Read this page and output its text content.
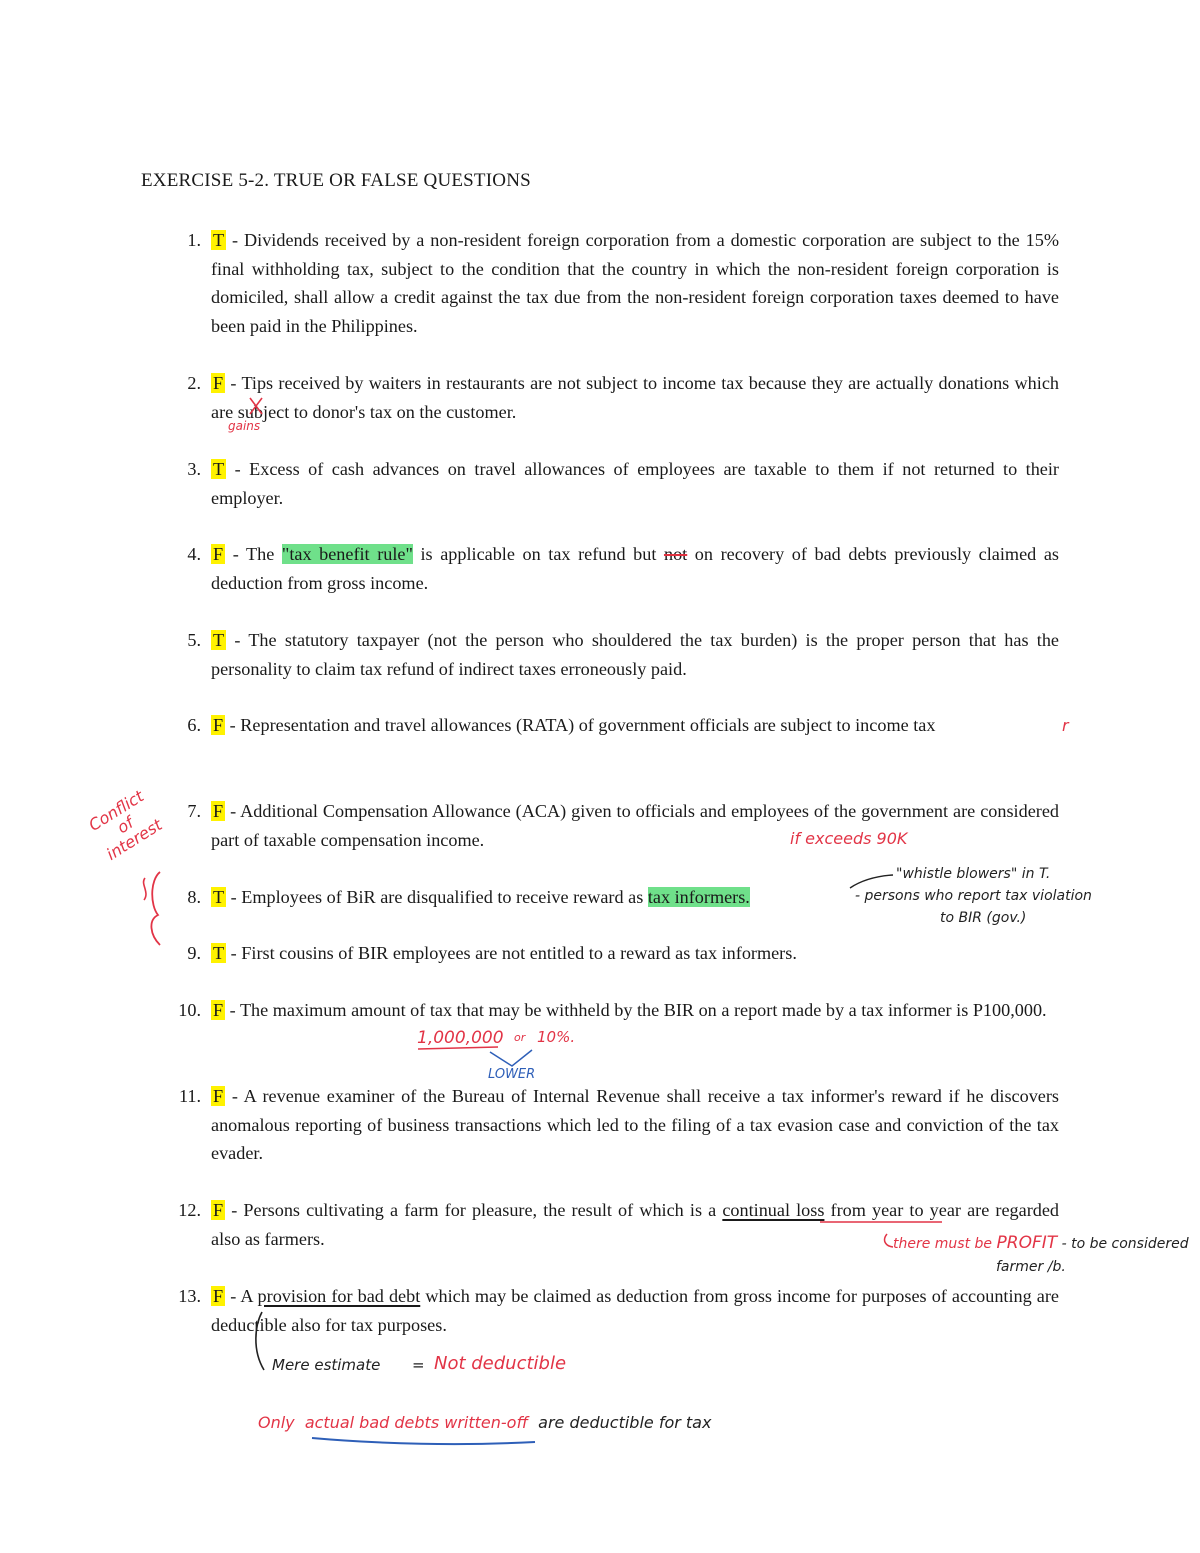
EXERCISE 5-2. TRUE OR FALSE QUESTIONS
1. T - Dividends received by a non-resident foreign corporation from a domestic corporation are subject to the 15% final withholding tax, subject to the condition that the country in which the non-resident foreign corporation is domiciled, shall allow a credit against the tax due from the non-resident foreign corporation taxes deemed to have been paid in the Philippines.
2. F - Tips received by waiters in restaurants are not subject to income tax because they are actually donations which are subject to donor's tax on the customer.
3. T - Excess of cash advances on travel allowances of employees are taxable to them if not returned to their employer.
4. F - The "tax benefit rule" is applicable on tax refund but not on recovery of bad debts previously claimed as deduction from gross income.
5. T - The statutory taxpayer (not the person who shouldered the tax burden) is the proper person that has the personality to claim tax refund of indirect taxes erroneously paid.
6. F - Representation and travel allowances (RATA) of government officials are subject to income tax
7. F - Additional Compensation Allowance (ACA) given to officials and employees of the government are considered part of taxable compensation income.
8. T - Employees of BiR are disqualified to receive reward as tax informers.
9. T - First cousins of BIR employees are not entitled to a reward as tax informers.
10. F - The maximum amount of tax that may be withheld by the BIR on a report made by a tax informer is P100,000.
11. F - A revenue examiner of the Bureau of Internal Revenue shall receive a tax informer's reward if he discovers anomalous reporting of business transactions which led to the filing of a tax evasion case and conviction of the tax evader.
12. F - Persons cultivating a farm for pleasure, the result of which is a continual loss from year to year are regarded also as farmers.
13. F - A provision for bad debt which may be claimed as deduction from gross income for purposes of accounting are deductible also for tax purposes.
gains
r
if exceeds 90K
Conflict of interest
"whistle blowers" in T.
- persons who report tax violation
to BIR (gov.)
1,000,000 or 10%.
LOWER
there must be PROFIT - to be considered
farmer /b.
Mere estimate = Not deductible
Only actual bad debts written-off are deductible for tax
